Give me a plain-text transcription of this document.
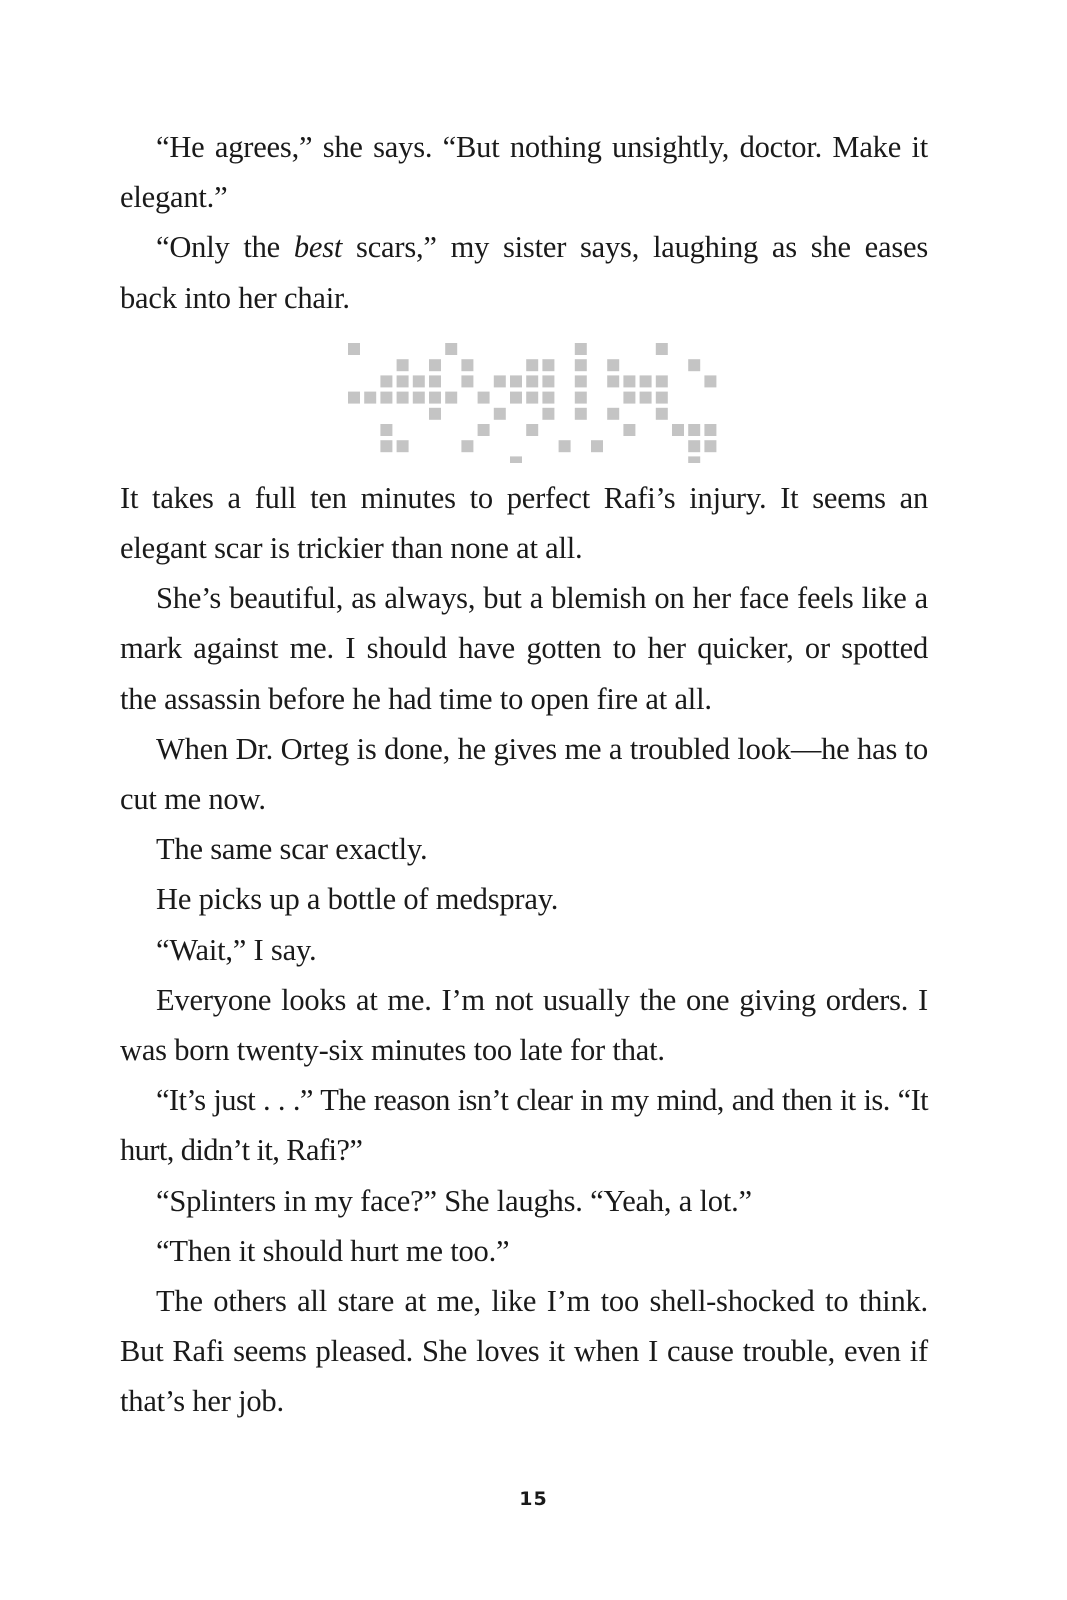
“He agrees,” she says. “But nothing unsightly, doctor. Make it elegant.”

“Only the best scars,” my sister says, laughing as she eases back into her chair.

It takes a full ten minutes to perfect Rafi’s injury. It seems an elegant scar is trickier than none at all.

She’s beautiful, as always, but a blemish on her face feels like a mark against me. I should have gotten to her quicker, or spotted the assassin before he had time to open fire at all.

When Dr. Orteg is done, he gives me a troubled look—he has to cut me now.

The same scar exactly.

He picks up a bottle of medspray.

“Wait,” I say.

Everyone looks at me. I’m not usually the one giving orders. I was born twenty-six minutes too late for that.

“It’s just . . .” The reason isn’t clear in my mind, and then it is. “It hurt, didn’t it, Rafi?”

“Splinters in my face?” She laughs. “Yeah, a lot.”

“Then it should hurt me too.”

The others all stare at me, like I’m too shell-shocked to think. But Rafi seems pleased. She loves it when I cause trouble, even if that’s her job.

15
